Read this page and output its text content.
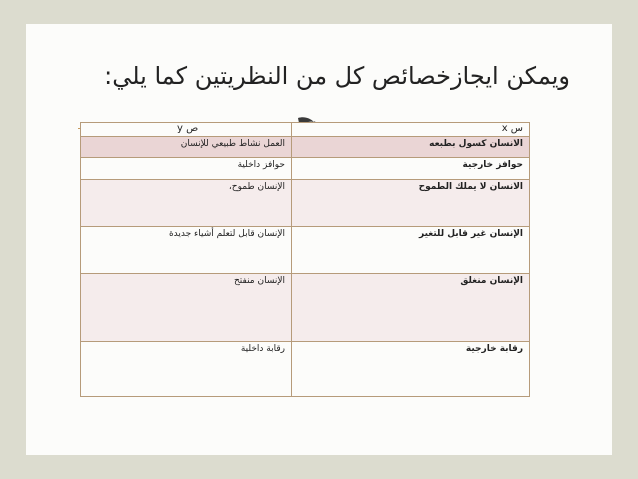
ويمكن ايجازخصائص كل من النظريتين كما يلي:
س x	ص y
الانسان كسول بطبعه	العمل نشاط طبيعي للإنسان
حوافز خارجية	حوافز داخلية
الانسان لا يملك الطموح	الإنسان طموح،
الإنسان غير قابل للتغير	الإنسان قابل لتعلم أشياء جديدة
الإنسان منغلق	الإنسان منفتح
رقابة خارجية	رقابة داخلية
